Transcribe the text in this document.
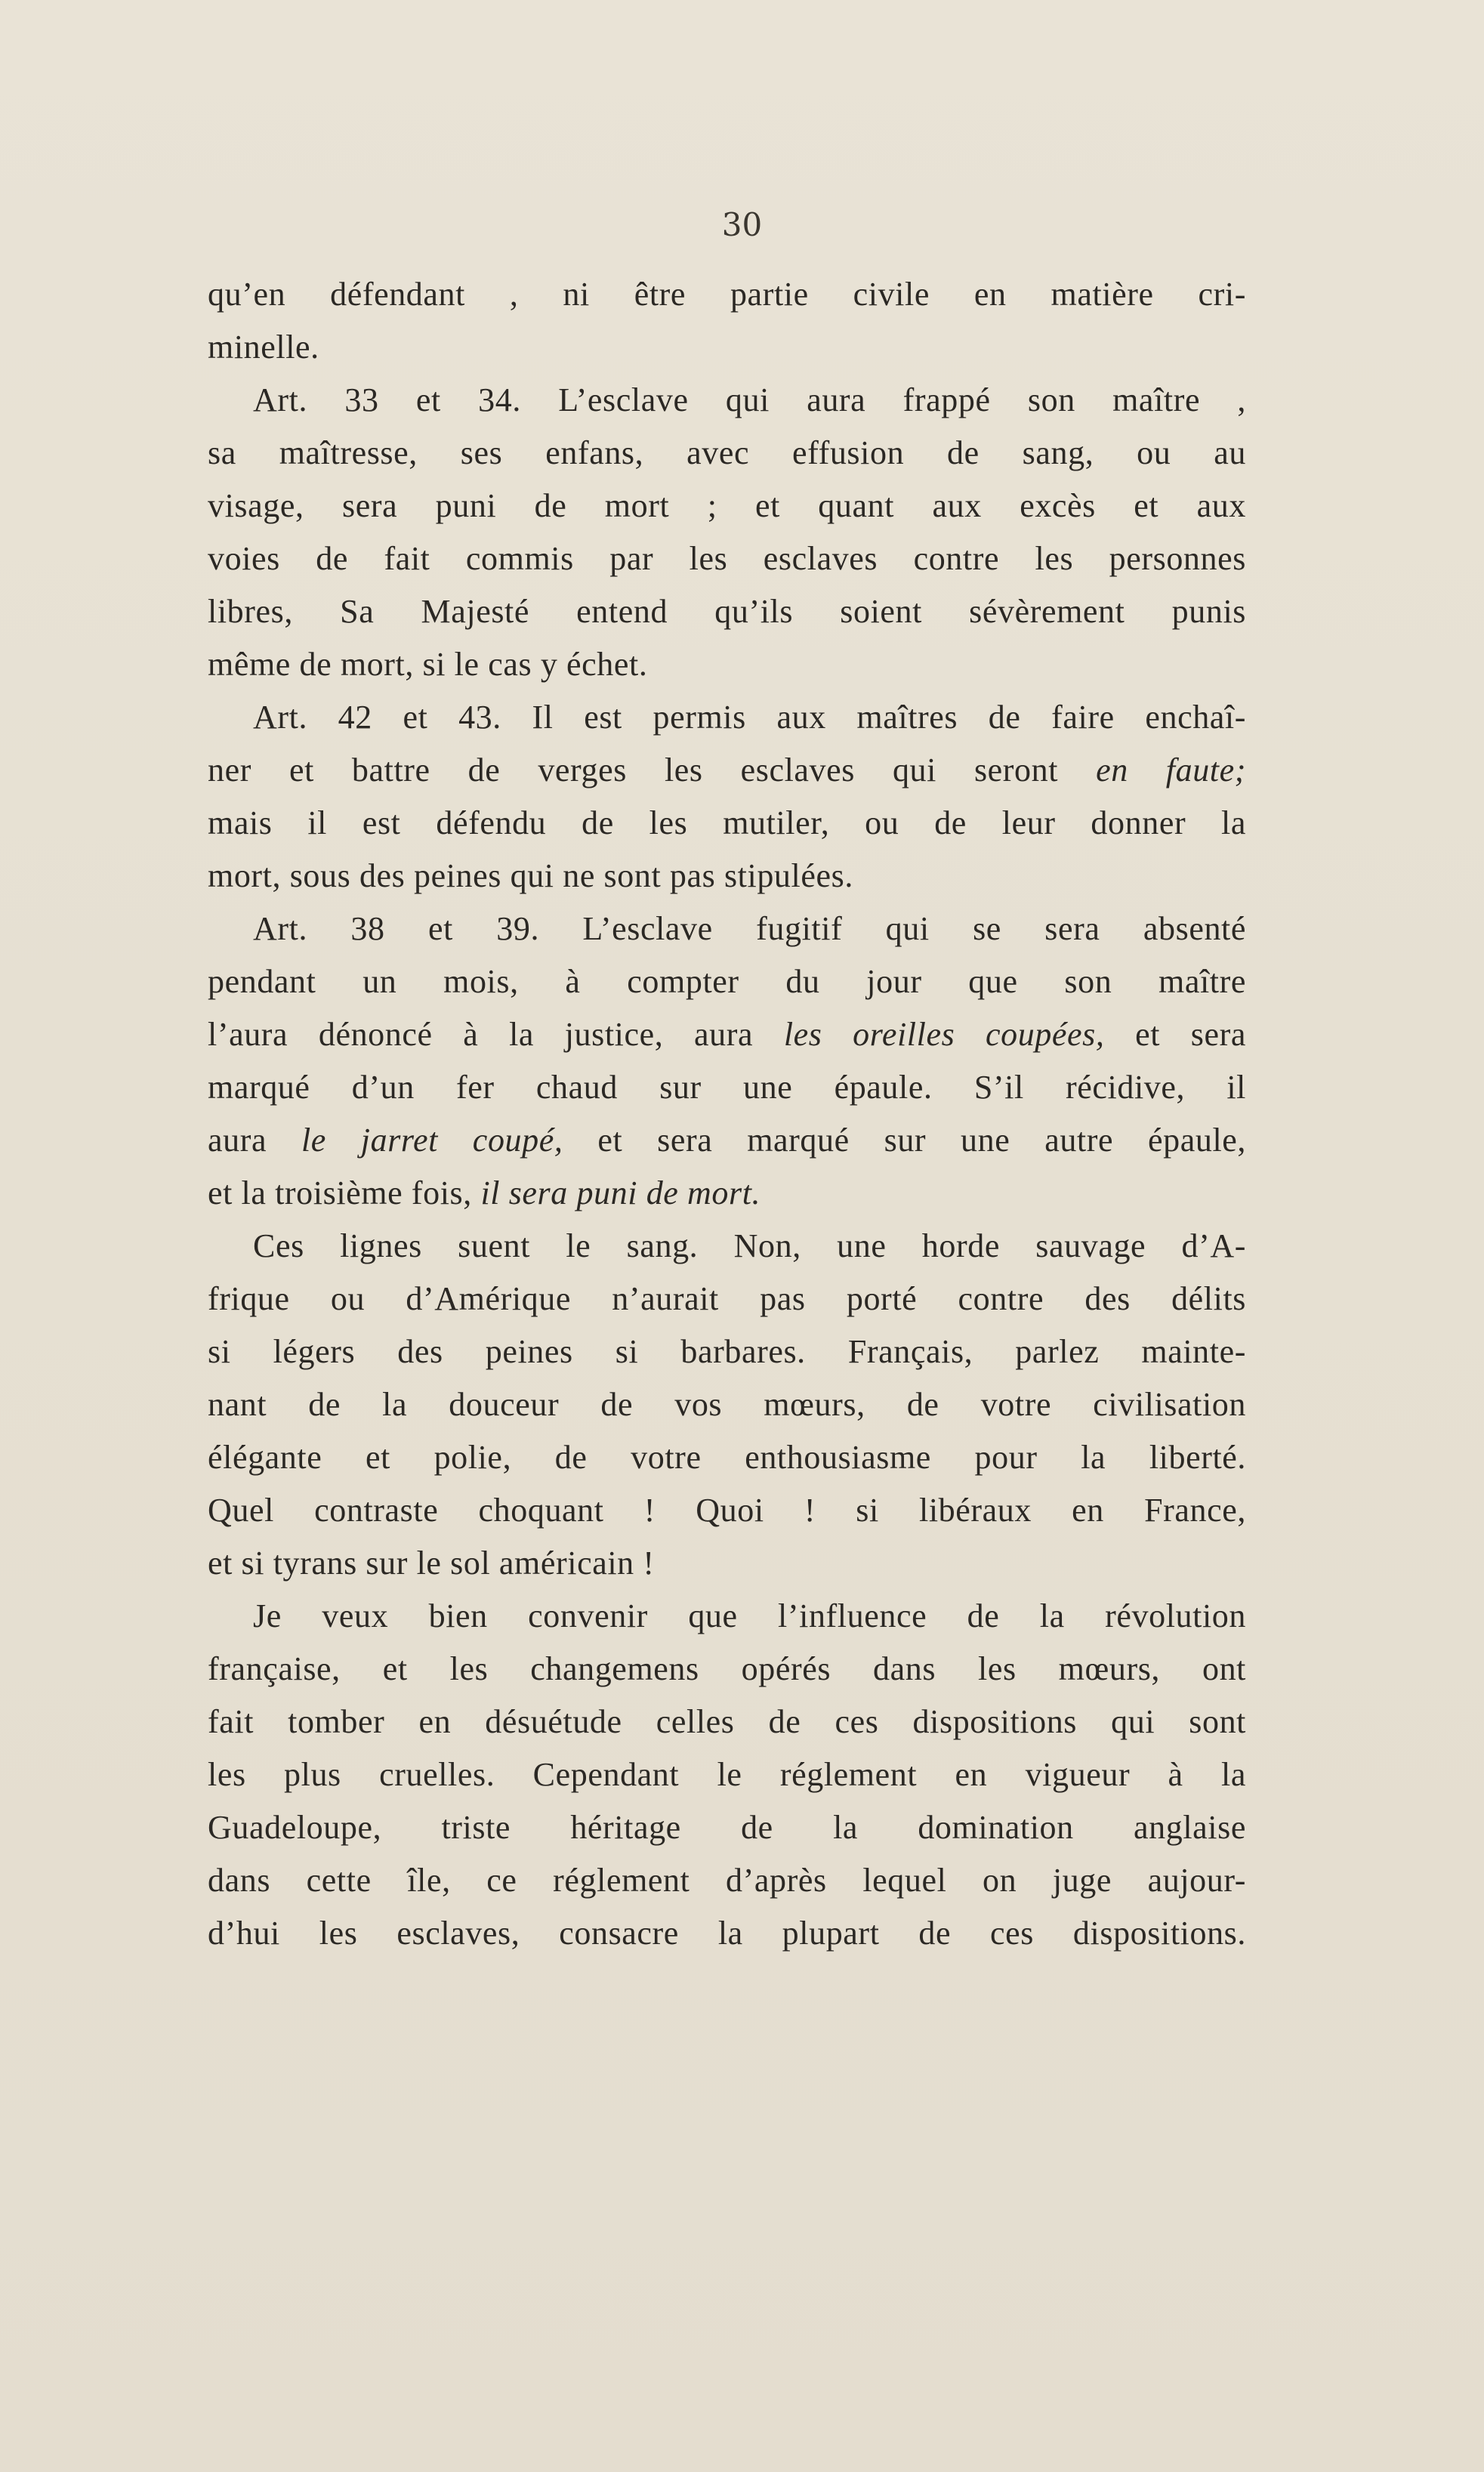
30
qu’en défendant , ni être partie civile en matière cri-
minelle.
Art. 33 et 34. L’esclave qui aura frappé son maître ,
sa maîtresse, ses enfans, avec effusion de sang, ou au
visage, sera puni de mort ; et quant aux excès et aux
voies de fait commis par les esclaves contre les personnes
libres, Sa Majesté entend qu’ils soient sévèrement punis
même de mort, si le cas y échet.
Art. 42 et 43. Il est permis aux maîtres de faire enchaî-
ner et battre de verges les esclaves qui seront en faute;
mais il est défendu de les mutiler, ou de leur donner la
mort, sous des peines qui ne sont pas stipulées.
Art. 38 et 39. L’esclave fugitif qui se sera absenté
pendant un mois, à compter du jour que son maître
l’aura dénoncé à la justice, aura les oreilles coupées, et sera
marqué d’un fer chaud sur une épaule. S’il récidive, il
aura le jarret coupé, et sera marqué sur une autre épaule,
et la troisième fois, il sera puni de mort.
Ces lignes suent le sang. Non, une horde sauvage d’A-
frique ou d’Amérique n’aurait pas porté contre des délits
si légers des peines si barbares. Français, parlez mainte-
nant de la douceur de vos mœurs, de votre civilisation
élégante et polie, de votre enthousiasme pour la liberté.
Quel contraste choquant ! Quoi ! si libéraux en France,
et si tyrans sur le sol américain !
Je veux bien convenir que l’influence de la révolution
française, et les changemens opérés dans les mœurs, ont
fait tomber en désuétude celles de ces dispositions qui sont
les plus cruelles. Cependant le réglement en vigueur à la
Guadeloupe, triste héritage de la domination anglaise
dans cette île, ce réglement d’après lequel on juge aujour-
d’hui les esclaves, consacre la plupart de ces dispositions.
